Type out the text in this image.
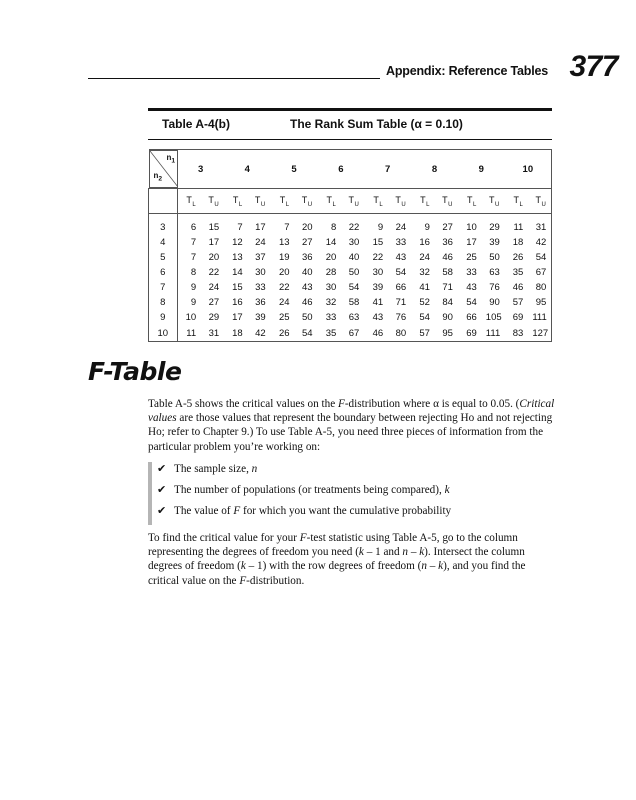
Appendix: Reference Tables 377
Table A-4(b)	The Rank Sum Table (α = 0.10)
$n_1$
$n_2$	3	4	5	6	7	8	9	10

	$T_L$ $T_U$	$T_L$ $T_U$	$T_L$ $T_U$	$T_L$ $T_U$	$T_L$ $T_U$	$T_L$ $T_U$	$T_L$ $T_U$	$T_L$ $T_U$

3	6 15	7 17	7 20	8 22	9 24	9 27	10 29	11 31

4	7 17	12 24	13 27	14 30	15 33	16 36	17 39	18 42

5	7 20	13 37	19 36	20 40	22 43	24 46	25 50	26 54

6	8 22	14 30	20 40	28 50	30 54	32 58	33 63	35 67

7	9 24	15 33	22 43	30 54	39 66	41 71	43 76	46 80

8	9 27	16 36	24 46	32 58	41 71	52 84	54 90	57 95

9	10 29	17 39	25 50	33 63	43 76	54 90	66 105	69 111

10	11 31	18 42	26 54	35 67	46 80	57 95	69 111	83 127
F-Table
Table A-5 shows the critical values on the F-distribution where α is equal to 0.05. (Critical values are those values that represent the boundary between rejecting Ho and not rejecting Ho; refer to Chapter 9.) To use Table A-5, you need three pieces of information from the particular problem you’re working on:
✔ The sample size, n
✔ The number of populations (or treatments being compared), k
✔ The value of F for which you want the cumulative probability
To find the critical value for your F-test statistic using Table A-5, go to the column representing the degrees of freedom you need (k – 1 and n – k). Intersect the column degrees of freedom (k – 1) with the row degrees of freedom (n – k), and you find the critical value on the F-distribution.
